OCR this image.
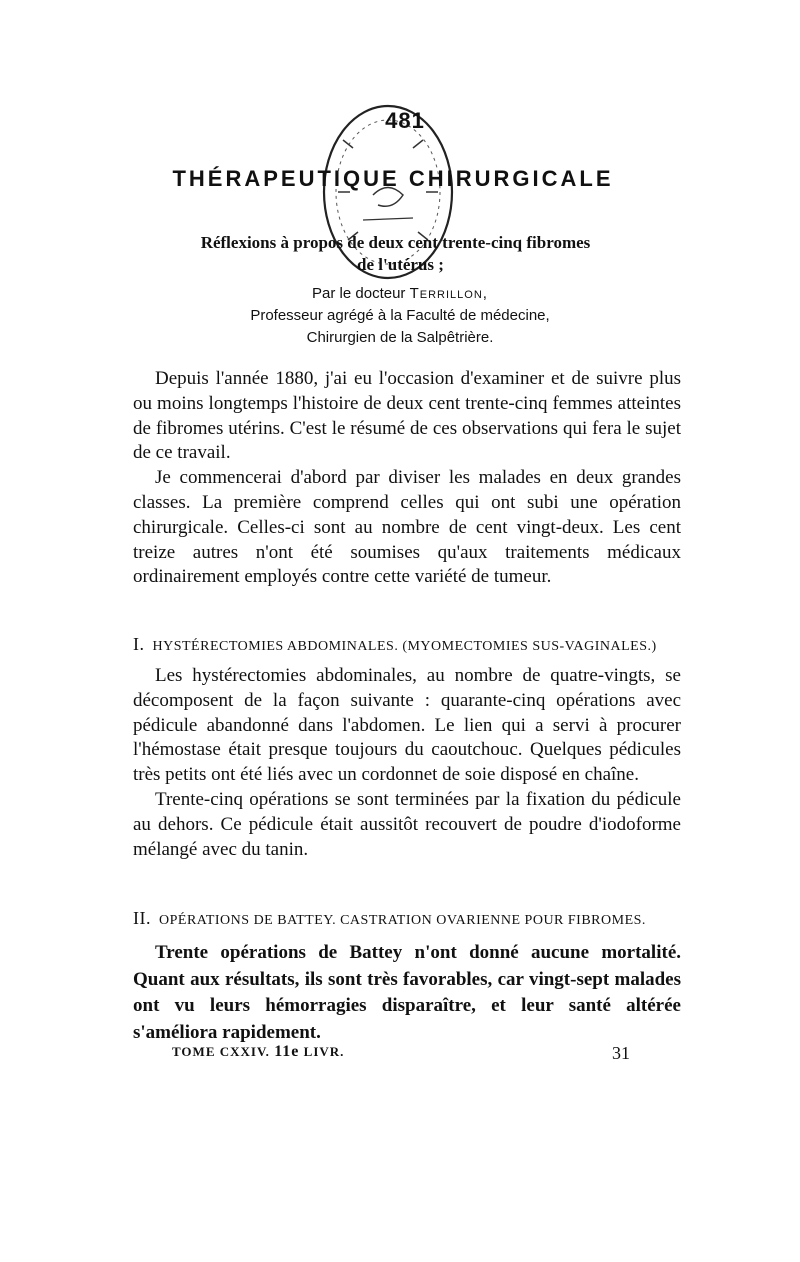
481
THÉRAPEUTIQUE CHIRURGICALE
Réflexions à propos de deux cent trente-cinq fibromes
de l'utérus ;
Par le docteur Terrillon,
Professeur agrégé à la Faculté de médecine,
Chirurgien de la Salpêtrière.

Depuis l'année 1880, j'ai eu l'occasion d'examiner et de suivre plus ou moins longtemps l'histoire de deux cent trente-cinq femmes atteintes de fibromes utérins. C'est le résumé de ces observations qui fera le sujet de ce travail.

Je commencerai d'abord par diviser les malades en deux grandes classes. La première comprend celles qui ont subi une opération chirurgicale. Celles-ci sont au nombre de cent vingt-deux. Les cent treize autres n'ont été soumises qu'aux traitements médicaux ordinairement employés contre cette variété de tumeur.

I. HYSTÉRECTOMIES ABDOMINALES. (MYOMECTOMIES SUS-VAGINALES.)

Les hystérectomies abdominales, au nombre de quatre-vingts, se décomposent de la façon suivante : quarante-cinq opérations avec pédicule abandonné dans l'abdomen. Le lien qui a servi à procurer l'hémostase était presque toujours du caoutchouc. Quelques pédicules très petits ont été liés avec un cordonnet de soie disposé en chaîne.

Trente-cinq opérations se sont terminées par la fixation du pédicule au dehors. Ce pédicule était aussitôt recouvert de poudre d'iodoforme mélangé avec du tanin.

II. OPÉRATIONS DE BATTEY. CASTRATION OVARIENNE POUR FIBROMES.

Trente opérations de Battey n'ont donné aucune mortalité. Quant aux résultats, ils sont très favorables, car vingt-sept malades ont vu leurs hémorragies disparaître, et leur santé altérée s'améliora rapidement.

TOME CXXIV. 11e LIVR.	31
